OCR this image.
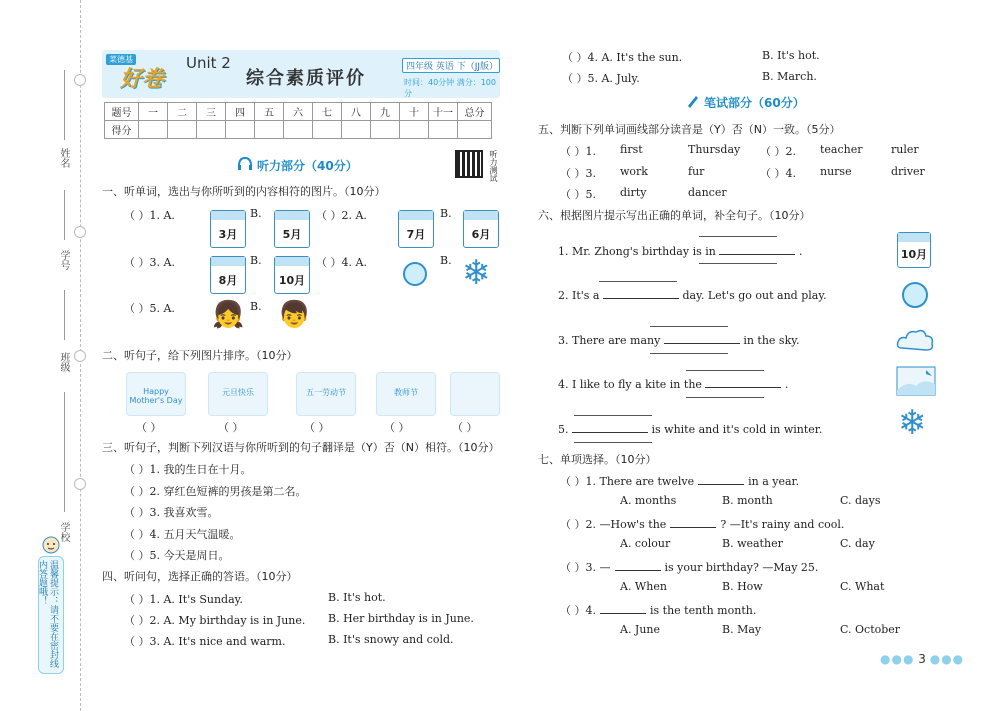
姓名
学号
班级
学校
温馨提示：请不要在密封线内答题哦！
菜德基
好卷
Unit 2
综合素质评价
四年级 英语 下（JJ版）
时间：40分钟 满分：100分
题号	一	二	三	四	五	六	七	八	九	十	十一	总分
得分												
听力部分（40分）	听力测试
一、听单词，选出与你所听到的内容相符的图片。（10分）
（ ）1. A.
3月
B.
5月
（ ）2. A.
7月
B.
6月
（ ）3. A.
8月
B.
10月
（ ）4. A.	B. ❄
（ ）5. A. 👧 B. 👦
二、听句子，给下列图片排序。（10分）
Happy Mother's Day
元旦快乐	五一劳动节	教师节
（ ）	（ ）	（ ）	（ ）	（ ）
三、听句子，判断下列汉语与你所听到的句子翻译是（Y）否（N）相符。（10分）
（ ）1. 我的生日在十月。
（ ）2. 穿红色短裤的男孩是第二名。
（ ）3. 我喜欢雪。
（ ）4. 五月天气温暖。
（ ）5. 今天是周日。
四、听问句，选择正确的答语。（10分）
（ ）1. A. It's Sunday.	B. It's hot.
（ ）2. A. My birthday is in June. B. Her birthday is in June.
（ ）3. A. It's nice and warm.	B. It's snowy and cold.
（ ）4. A. It's the sun.	B. It's hot.
（ ）5. A. July.	B. March.
笔试部分（60分）
五、判断下列单词画线部分读音是（Y）否（N）一致。（5分）
（ ）1. first	Thursday （ ）2. teacher	ruler
（ ）3. work	fur	（ ）4. nurse	driver
（ ）5. dirty	dancer
六、根据图片提示写出正确的单词，补全句子。（10分）
1. Mr. Zhong's birthday is in	.	10月
2. It's a	day. Let's go out and play.
3. There are many	in the sky.
4. I like to fly a kite in the	.
5.	is white and it's cold in winter. ❄
七、单项选择。（10分）
（ ）1. There are twelve	in a year.
A. months	B. month	C. days
（ ）2. —How's the	? —It's rainy and cool.
A. colour	B. weather	C. day
（ ）3. —	is your birthday? —May 25.
A. When	B. How	C. What
（ ）4.	is the tenth month.
A. June	B. May	C. October
●●● 3 ●●●
